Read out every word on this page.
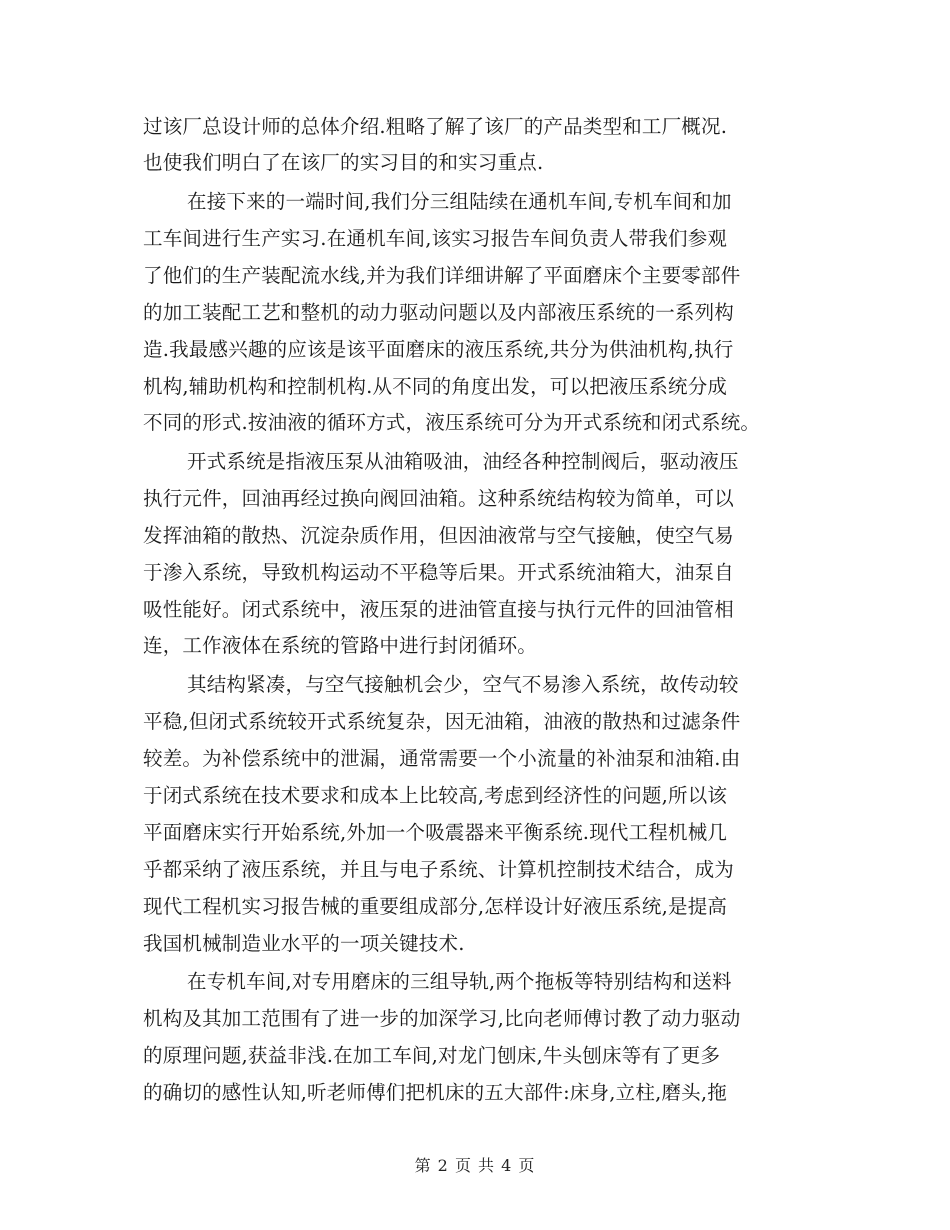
过该厂总设计师的总体介绍.粗略了解了该厂的产品类型和工厂概况.
也使我们明白了在该厂的实习目的和实习重点.
在接下来的一端时间,我们分三组陆续在通机车间,专机车间和加
工车间进行生产实习.在通机车间,该实习报告车间负责人带我们参观
了他们的生产装配流水线,并为我们详细讲解了平面磨床个主要零部件
的加工装配工艺和整机的动力驱动问题以及内部液压系统的一系列构
造.我最感兴趣的应该是该平面磨床的液压系统,共分为供油机构,执行
机构,辅助机构和控制机构.从不同的角度出发，可以把液压系统分成
不同的形式.按油液的循环方式，液压系统可分为开式系统和闭式系统。
开式系统是指液压泵从油箱吸油，油经各种控制阀后，驱动液压
执行元件，回油再经过换向阀回油箱。这种系统结构较为简单，可以
发挥油箱的散热、沉淀杂质作用，但因油液常与空气接触，使空气易
于渗入系统，导致机构运动不平稳等后果。开式系统油箱大，油泵自
吸性能好。闭式系统中，液压泵的进油管直接与执行元件的回油管相
连，工作液体在系统的管路中进行封闭循环。
其结构紧凑，与空气接触机会少，空气不易渗入系统，故传动较
平稳,但闭式系统较开式系统复杂，因无油箱，油液的散热和过滤条件
较差。为补偿系统中的泄漏，通常需要一个小流量的补油泵和油箱.由
于闭式系统在技术要求和成本上比较高,考虑到经济性的问题,所以该
平面磨床实行开始系统,外加一个吸震器来平衡系统.现代工程机械几
乎都采纳了液压系统，并且与电子系统、计算机控制技术结合，成为
现代工程机实习报告械的重要组成部分,怎样设计好液压系统,是提高
我国机械制造业水平的一项关键技术.
在专机车间,对专用磨床的三组导轨,两个拖板等特别结构和送料
机构及其加工范围有了进一步的加深学习,比向老师傅讨教了动力驱动
的原理问题,获益非浅.在加工车间,对龙门刨床,牛头刨床等有了更多
的确切的感性认知,听老师傅们把机床的五大部件:床身,立柱,磨头,拖
第 2 页 共 4 页
